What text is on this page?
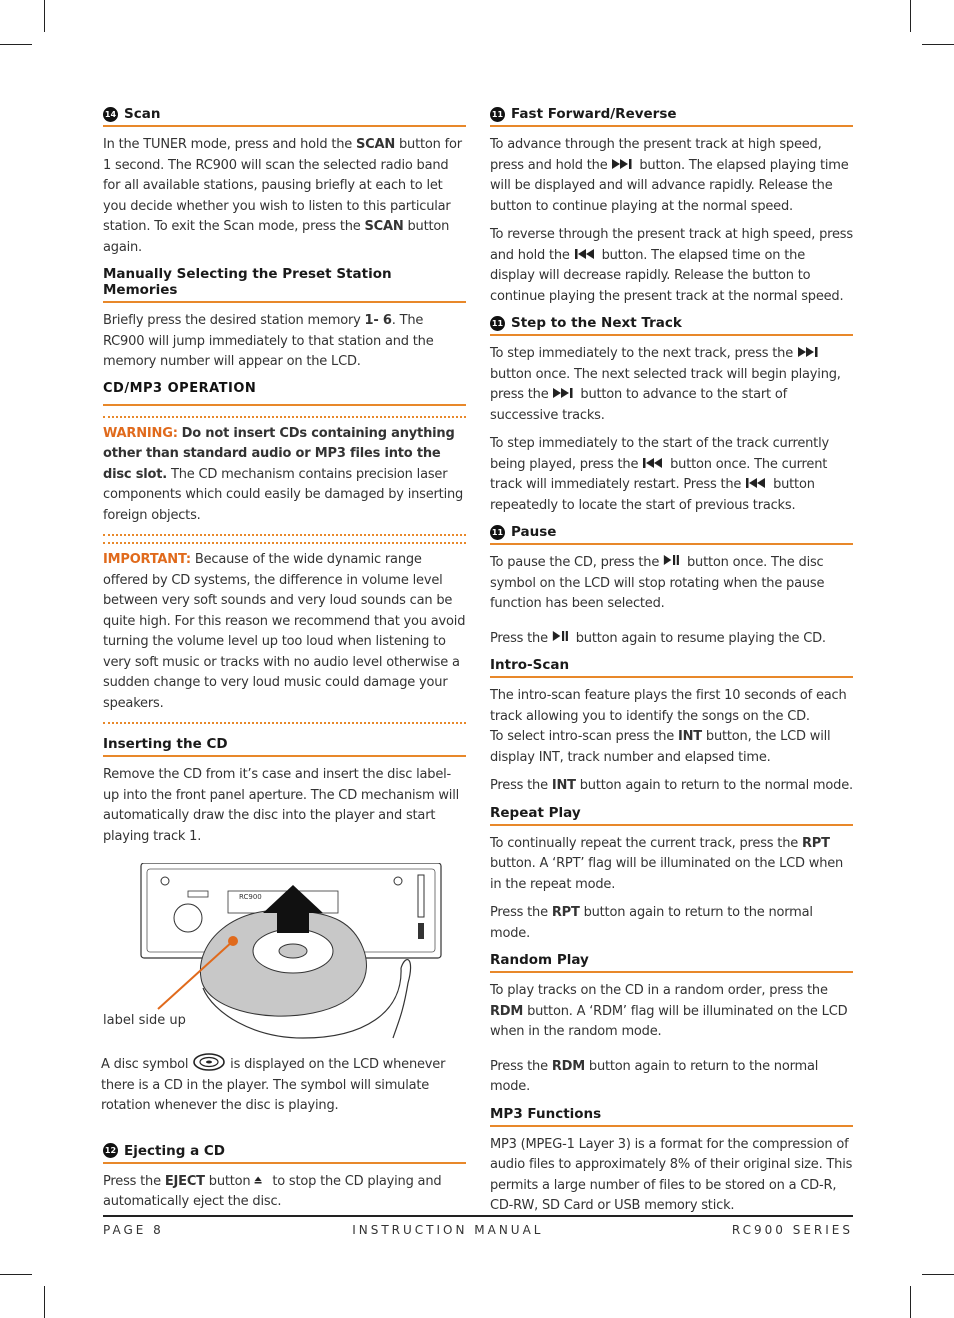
14 Scan

In the TUNER mode, press and hold the SCAN button for 1 second. The RC900 will scan the selected radio band for all available stations, pausing briefly at each to let you decide whether you wish to listen to this particular station. To exit the Scan mode, press the SCAN button again.

Manually Selecting the Preset Station Memories

Briefly press the desired station memory 1- 6. The RC900 will jump immediately to that station and the memory number will appear on the LCD.

CD/MP3 OPERATION

WARNING: Do not insert CDs containing anything other than standard audio or MP3 files into the disc slot. The CD mechanism contains precision laser components which could easily be damaged by inserting foreign objects.

IMPORTANT: Because of the wide dynamic range offered by CD systems, the difference in volume level between very soft sounds and very loud sounds can be quite high. For this reason we recommend that you avoid turning the volume level up too loud when listening to very soft music or tracks with no audio level otherwise a sudden change to very loud music could damage your speakers.

Inserting the CD

Remove the CD from it’s case and insert the disc label-up into the front panel aperture. The CD mechanism will automatically draw the disc into the player and start playing track 1.

RC900
label side up

A disc symbol	is displayed on the LCD whenever there is a CD in the player. The symbol will simulate rotation whenever the disc is playing.

12 Ejecting a CD

Press the EJECT button  to stop the CD playing and automatically eject the disc.

11 Fast Forward/Reverse

To advance through the present track at high speed, press and hold the  button. The elapsed playing time will be displayed and will advance rapidly. Release the button to continue playing at the normal speed.

To reverse through the present track at high speed, press and hold the  button. The elapsed time on the display will decrease rapidly. Release the button to continue playing the present track at the normal speed.

11 Step to the Next Track

To step immediately to the next track, press the  button once. The next selected track will begin playing, press the  button to advance to the start of successive tracks.

To step immediately to the start of the track currently being played, press the  button once. The current track will immediately restart. Press the  button repeatedly to locate the start of previous tracks.

11 Pause

To pause the CD, press the  button once. The disc symbol on the LCD will stop rotating when the pause function has been selected.

Press the  button again to resume playing the CD.

Intro-Scan

The intro-scan feature plays the first 10 seconds of each track allowing you to identify the songs on the CD.
To select intro-scan press the INT button, the LCD will display INT, track number and elapsed time.

Press the INT button again to return to the normal mode.

Repeat Play

To continually repeat the current track, press the RPT button. A ‘RPT’ flag will be illuminated on the LCD when in the repeat mode.

Press the RPT button again to return to the normal mode.

Random Play

To play tracks on the CD in a random order, press the RDM button. A ‘RDM’ flag will be illuminated on the LCD when in the random mode.

Press the RDM button again to return to the normal mode.

MP3 Functions

MP3 (MPEG-1 Layer 3) is a format for the compression of audio files to approximately 8% of their original size. This permits a large number of files to be stored on a CD-R, CD-RW, SD Card or USB memory stick.

PAGE 8	INSTRUCTION MANUAL	RC900 SERIES
